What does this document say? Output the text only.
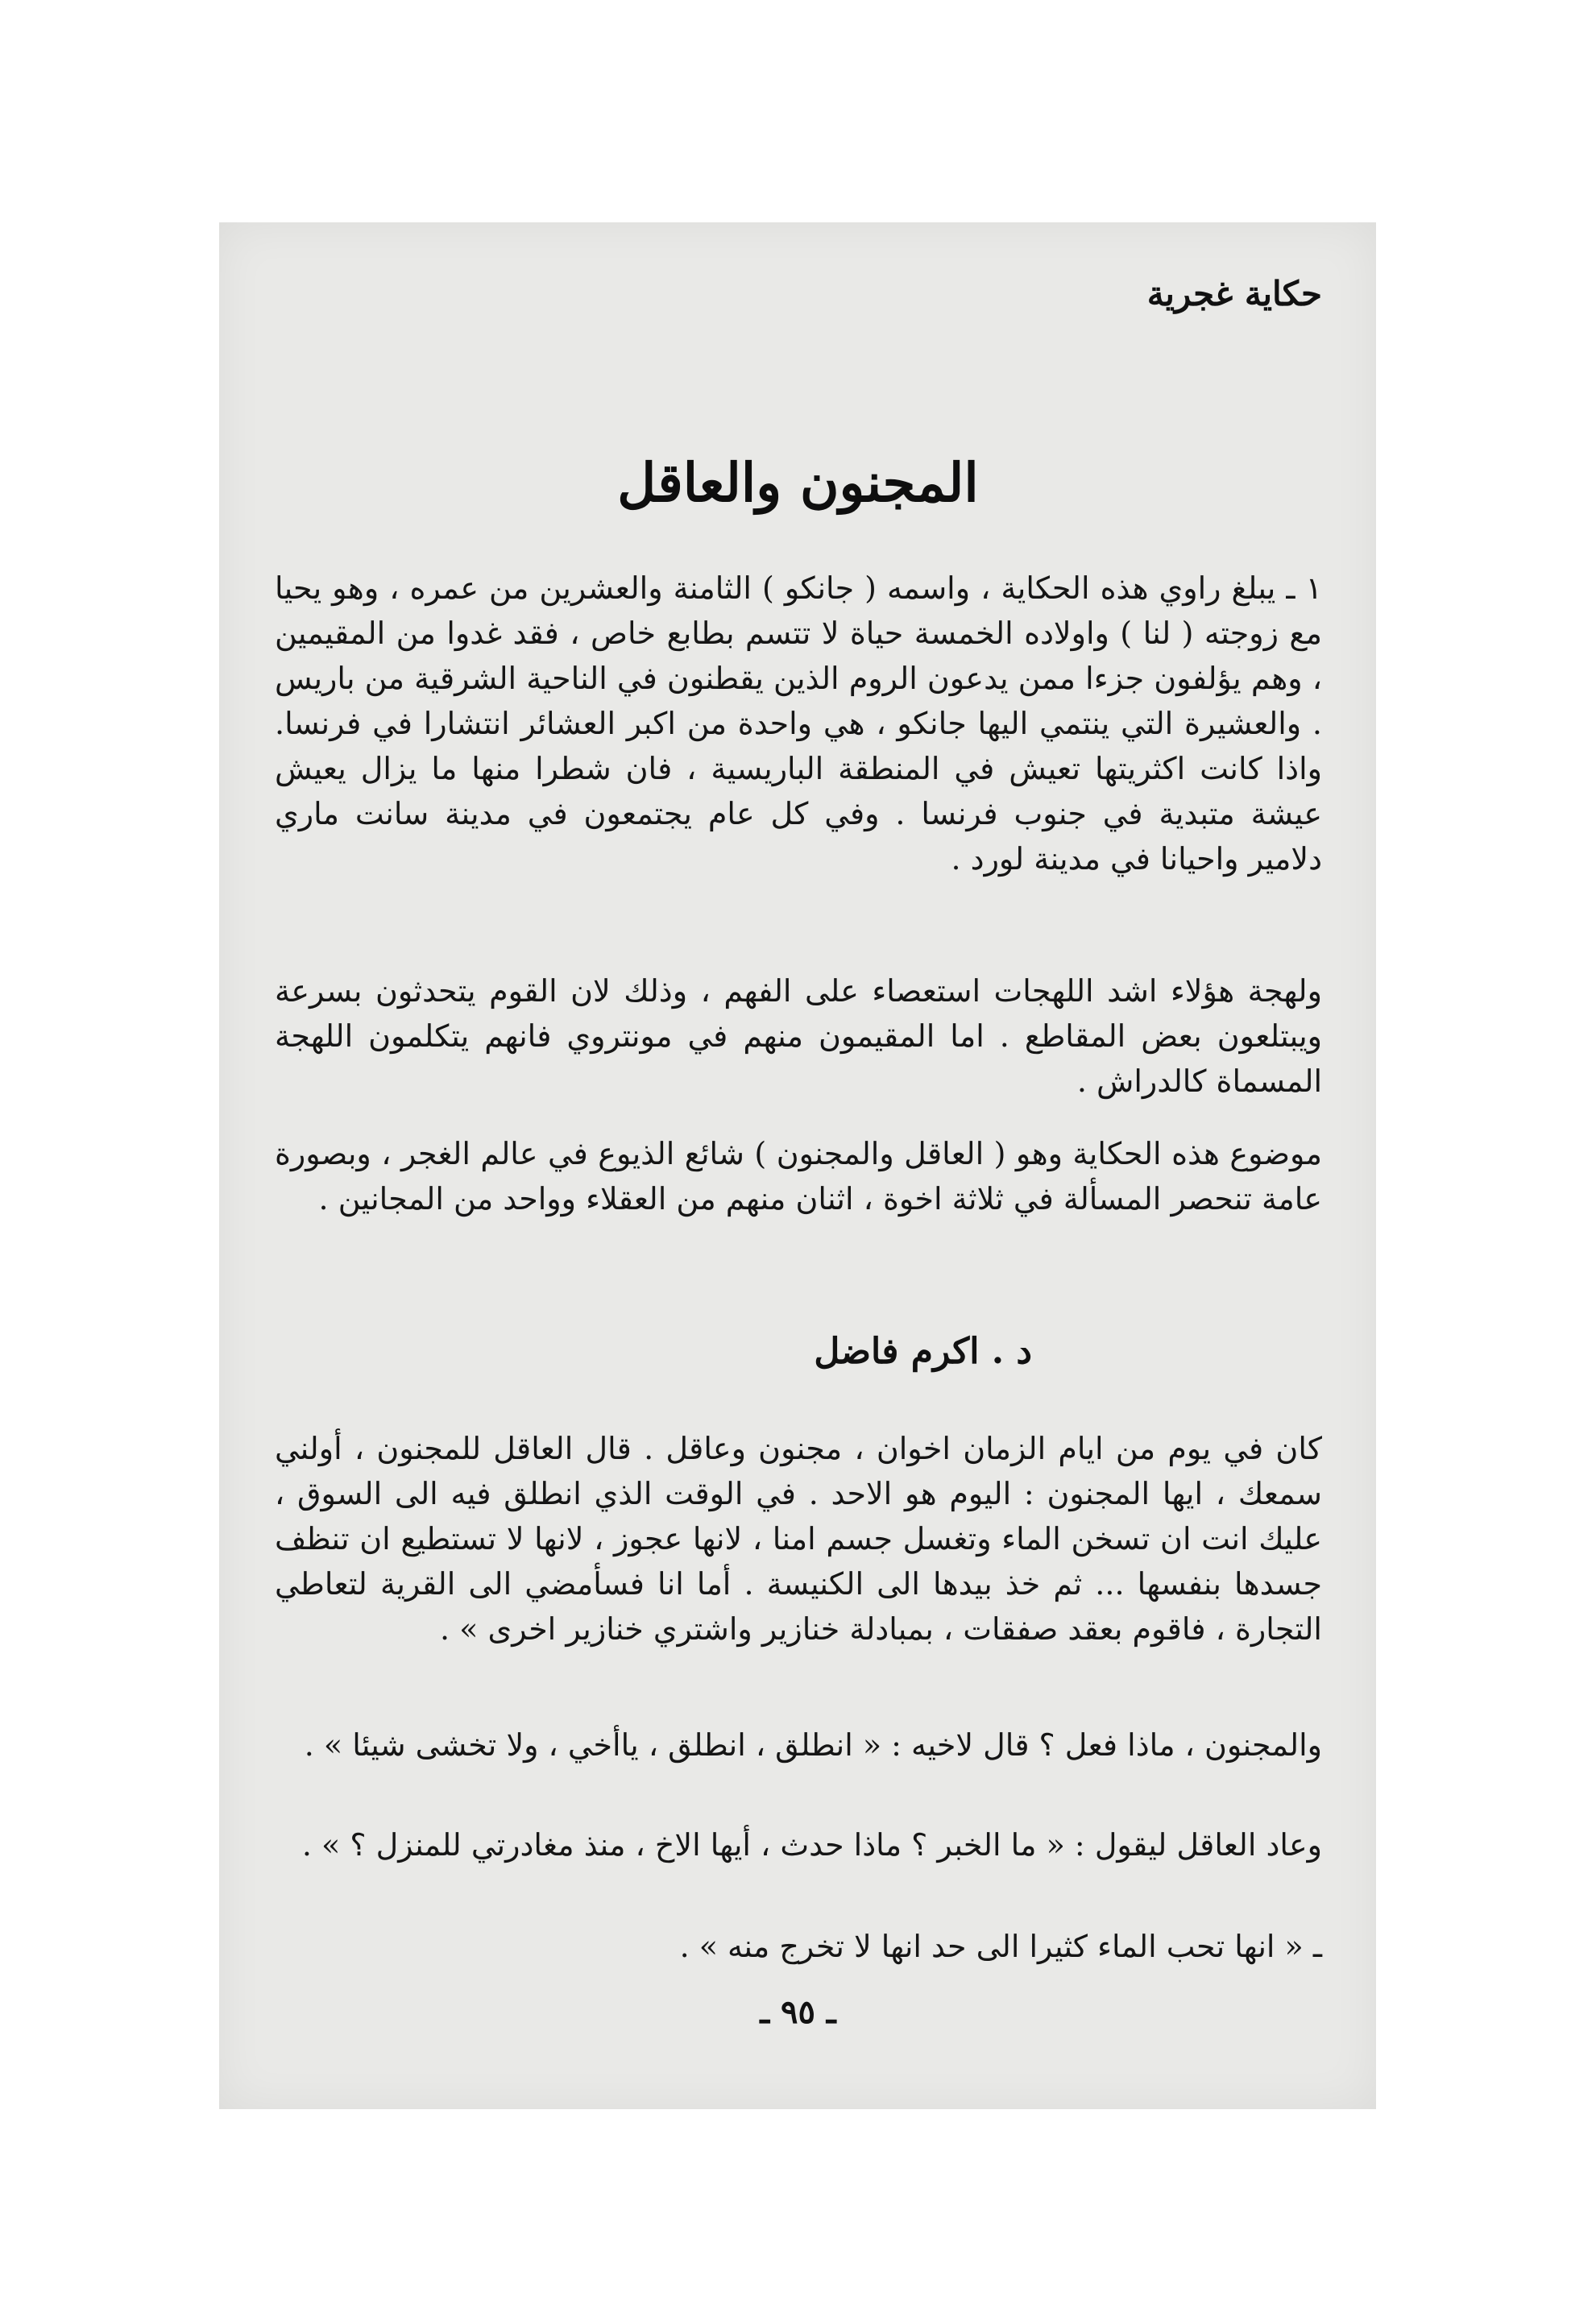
حكاية غجرية
المجنون والعاقل
١ ـ يبلغ راوي هذه الحكاية ، واسمه ( جانكو ) الثامنة والعشرين من عمره ، وهو يحيا مع زوجته ( لنا ) واولاده الخمسة حياة لا تتسم بطابع خاص ، فقد غدوا من المقيمين ، وهم يؤلفون جزءا ممن يدعون الروم الذين يقطنون في الناحية الشرقية من باريس . والعشيرة التي ينتمي اليها جانكو ، هي واحدة من اكبر العشائر انتشارا في فرنسا. واذا كانت اكثريتها تعيش في المنطقة الباريسية ، فان شطرا منها ما يزال يعيش عيشة متبدية في جنوب فرنسا . وفي كل عام يجتمعون في مدينة سانت ماري دلامير واحيانا في مدينة لورد .
ولهجة هؤلاء اشد اللهجات استعصاء على الفهم ، وذلك لان القوم يتحدثون بسرعة ويبتلعون بعض المقاطع . اما المقيمون منهم في مونتروي فانهم يتكلمون اللهجة المسماة كالدراش .
موضوع هذه الحكاية وهو ( العاقل والمجنون ) شائع الذيوع في عالم الغجر ، وبصورة عامة تنحصر المسألة في ثلاثة اخوة ، اثنان منهم من العقلاء وواحد من المجانين .
د . اكرم فاضل
كان في يوم من ايام الزمان اخوان ، مجنون وعاقل . قال العاقل للمجنون ، أولني سمعك ، ايها المجنون : اليوم هو الاحد . في الوقت الذي انطلق فيه الى السوق ، عليك انت ان تسخن الماء وتغسل جسم امنا ، لانها عجوز ، لانها لا تستطيع ان تنظف جسدها بنفسها ... ثم خذ بيدها الى الكنيسة . أما انا فسأمضي الى القرية لتعاطي التجارة ، فاقوم بعقد صفقات ، بمبادلة خنازير واشتري خنازير اخرى » .
والمجنون ، ماذا فعل ؟ قال لاخيه : « انطلق ، انطلق ، ياأخي ، ولا تخشى شيئا » .
وعاد العاقل ليقول : « ما الخبر ؟ ماذا حدث ، أيها الاخ ، منذ مغادرتي للمنزل ؟ » .
ـ « انها تحب الماء كثيرا الى حد انها لا تخرج منه » .
ـ ٩٥ ـ
